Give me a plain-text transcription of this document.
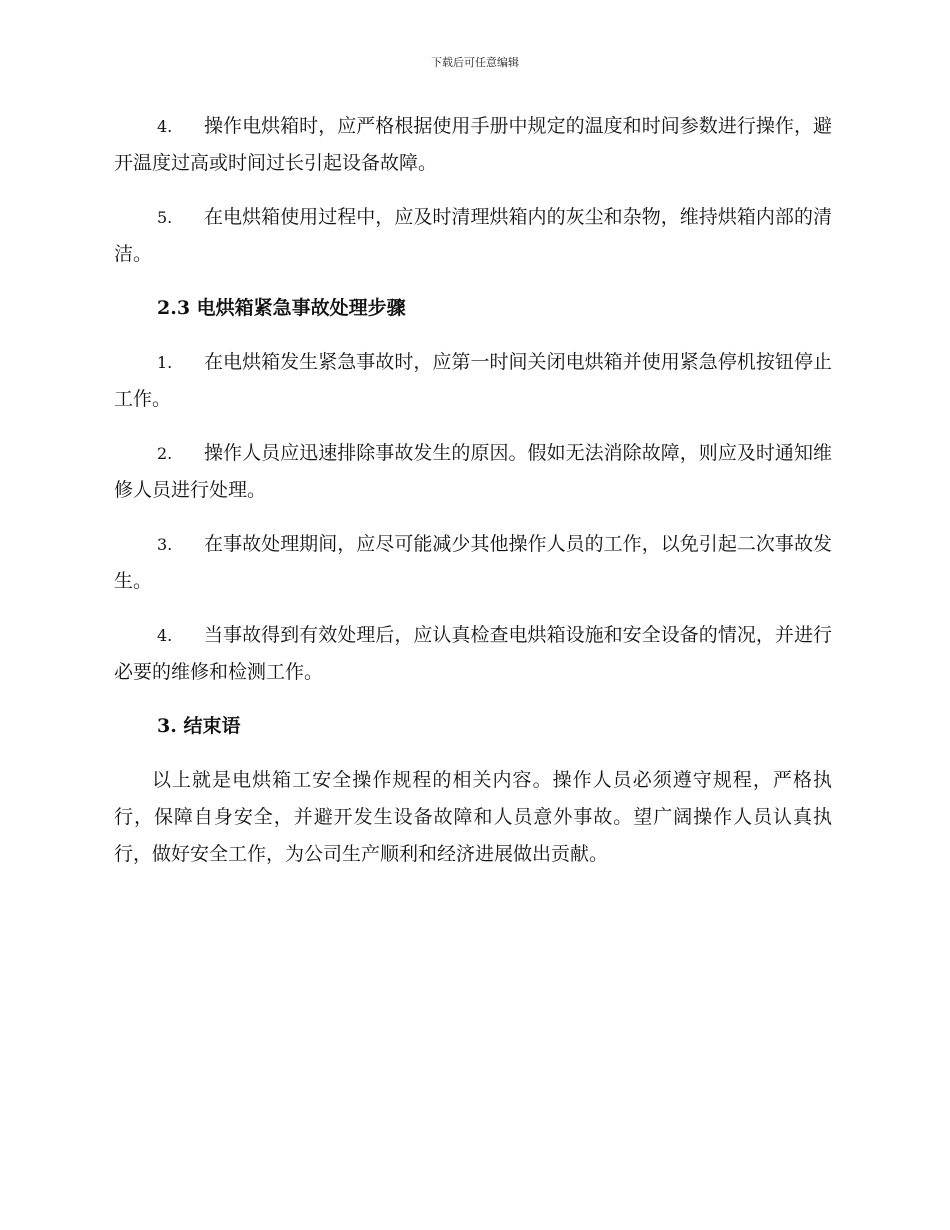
下载后可任意编辑

4. 操作电烘箱时，应严格根据使用手册中规定的温度和时间参数进行操作，避开温度过高或时间过长引起设备故障。

5. 在电烘箱使用过程中，应及时清理烘箱内的灰尘和杂物，维持烘箱内部的清洁。

2.3 电烘箱紧急事故处理步骤

1. 在电烘箱发生紧急事故时，应第一时间关闭电烘箱并使用紧急停机按钮停止工作。

2. 操作人员应迅速排除事故发生的原因。假如无法消除故障，则应及时通知维修人员进行处理。

3. 在事故处理期间，应尽可能减少其他操作人员的工作，以免引起二次事故发生。

4. 当事故得到有效处理后，应认真检查电烘箱设施和安全设备的情况，并进行必要的维修和检测工作。

3. 结束语

以上就是电烘箱工安全操作规程的相关内容。操作人员必须遵守规程，严格执行，保障自身安全，并避开发生设备故障和人员意外事故。望广阔操作人员认真执行，做好安全工作，为公司生产顺利和经济进展做出贡献。
